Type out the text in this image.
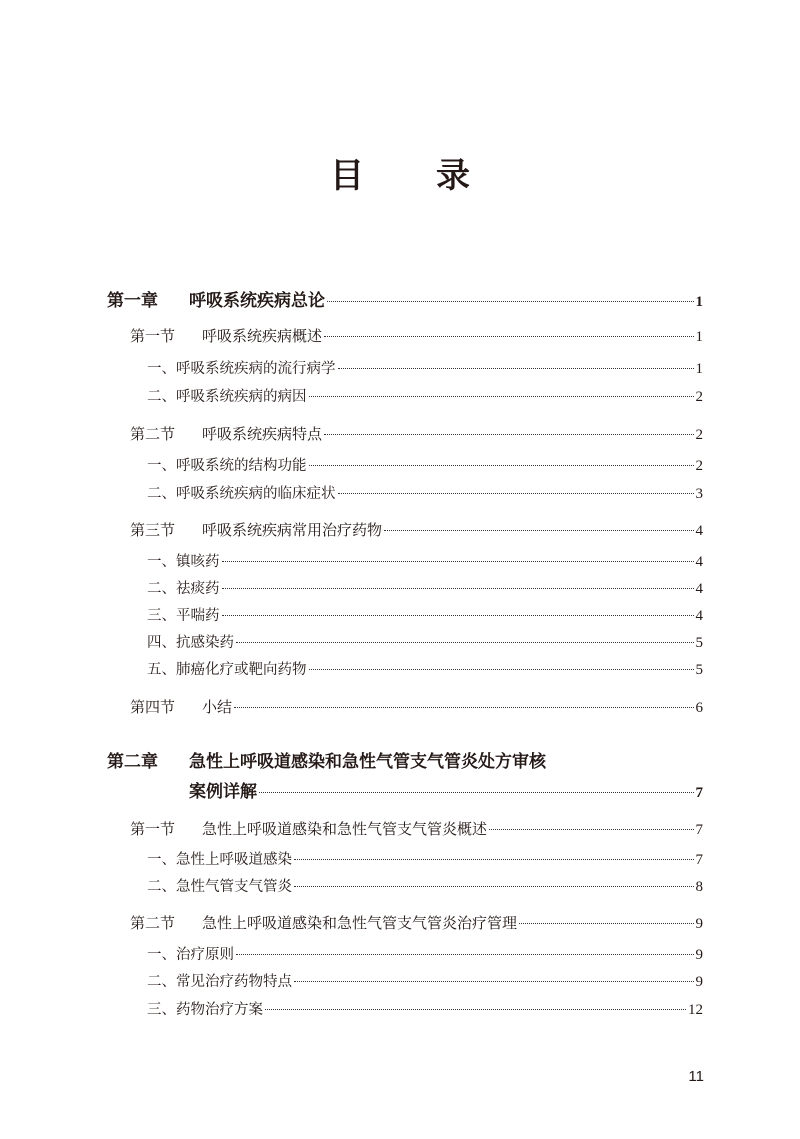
目 录
第一章 呼吸系统疾病总论	1
第一节 呼吸系统疾病概述	1
一、呼吸系统疾病的流行病学	1
二、呼吸系统疾病的病因	2
第二节 呼吸系统疾病特点	2
一、呼吸系统的结构功能	2
二、呼吸系统疾病的临床症状	3
第三节 呼吸系统疾病常用治疗药物	4
一、镇咳药	4
二、祛痰药	4
三、平喘药	4
四、抗感染药	5
五、肺癌化疗或靶向药物	5
第四节 小结	6
第二章 急性上呼吸道感染和急性气管支气管炎处方审核
案例详解	7
第一节 急性上呼吸道感染和急性气管支气管炎概述	7
一、急性上呼吸道感染	7
二、急性气管支气管炎	8
第二节 急性上呼吸道感染和急性气管支气管炎治疗管理	9
一、治疗原则	9
二、常见治疗药物特点	9
三、药物治疗方案	12
11
